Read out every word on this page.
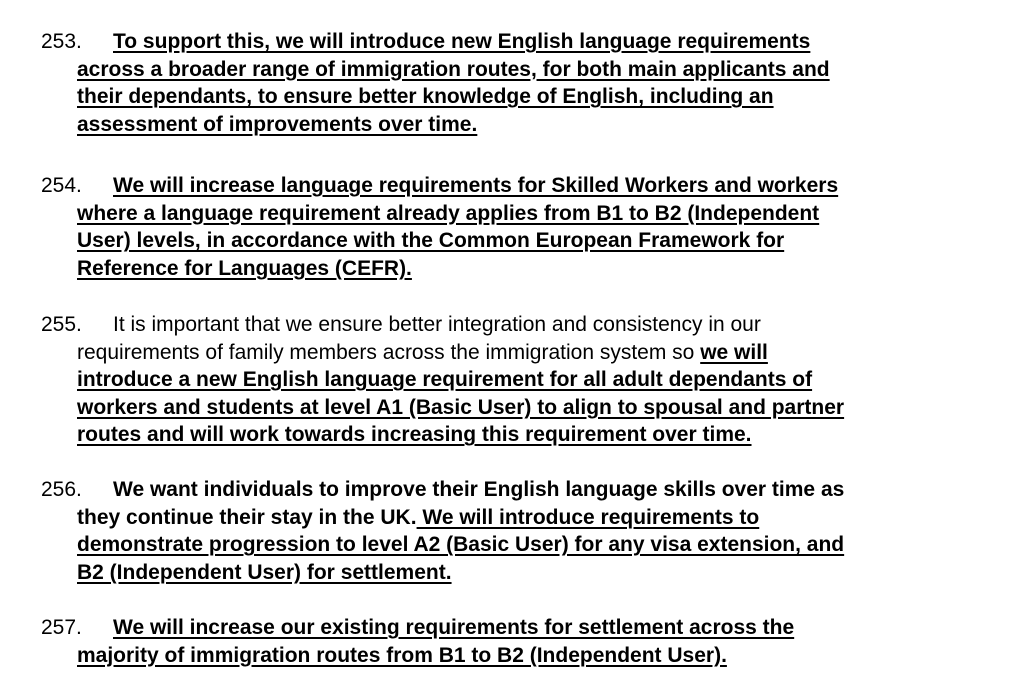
253.	To support this, we will introduce new English language requirements
across a broader range of immigration routes, for both main applicants and
their dependants, to ensure better knowledge of English, including an
assessment of improvements over time.
254.	We will increase language requirements for Skilled Workers and workers
where a language requirement already applies from B1 to B2 (Independent
User) levels, in accordance with the Common European Framework for
Reference for Languages (CEFR).
255.	It is important that we ensure better integration and consistency in our
requirements of family members across the immigration system so we will
introduce a new English language requirement for all adult dependants of
workers and students at level A1 (Basic User) to align to spousal and partner
routes and will work towards increasing this requirement over time.
256.	We want individuals to improve their English language skills over time as
they continue their stay in the UK. We will introduce requirements to
demonstrate progression to level A2 (Basic User) for any visa extension, and
B2 (Independent User) for settlement.
257.	We will increase our existing requirements for settlement across the
majority of immigration routes from B1 to B2 (Independent User).
